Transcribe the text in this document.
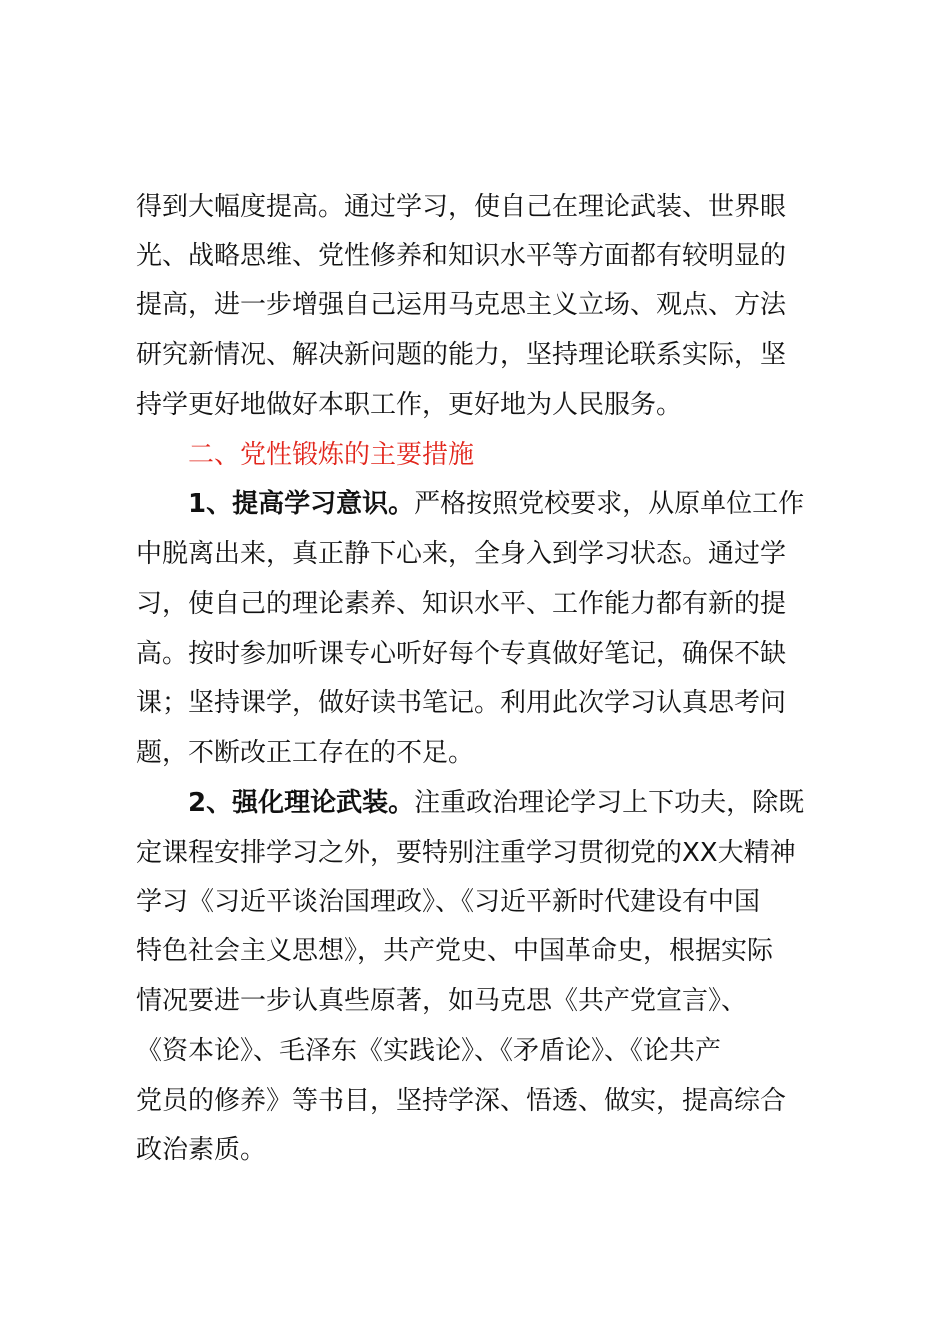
得到大幅度提高。通过学习，使自己在理论武装、世界眼
光、战略思维、党性修养和知识水平等方面都有较明显的
提高，进一步增强自己运用马克思主义立场、观点、方法
研究新情况、解决新问题的能力，坚持理论联系实际，坚
持学更好地做好本职工作，更好地为人民服务。
二、党性锻炼的主要措施
1、提高学习意识。严格按照党校要求，从原单位工作
中脱离出来，真正静下心来，全身入到学习状态。通过学
习，使自己的理论素养、知识水平、工作能力都有新的提
高。按时参加听课专心听好每个专真做好笔记，确保不缺
课；坚持课学，做好读书笔记。利用此次学习认真思考问
题，不断改正工存在的不足。
2、强化理论武装。注重政治理论学习上下功夫，除既
定课程安排学习之外，要特别注重学习贯彻党的XX大精神
学习《习近平谈治国理政》、《习近平新时代建设有中国
特色社会主义思想》，共产党史、中国革命史，根据实际
情况要进一步认真些原著，如马克思《共产党宣言》、
《资本论》、毛泽东《实践论》、《矛盾论》、《论共产
党员的修养》等书目，坚持学深、悟透、做实，提高综合
政治素质。
